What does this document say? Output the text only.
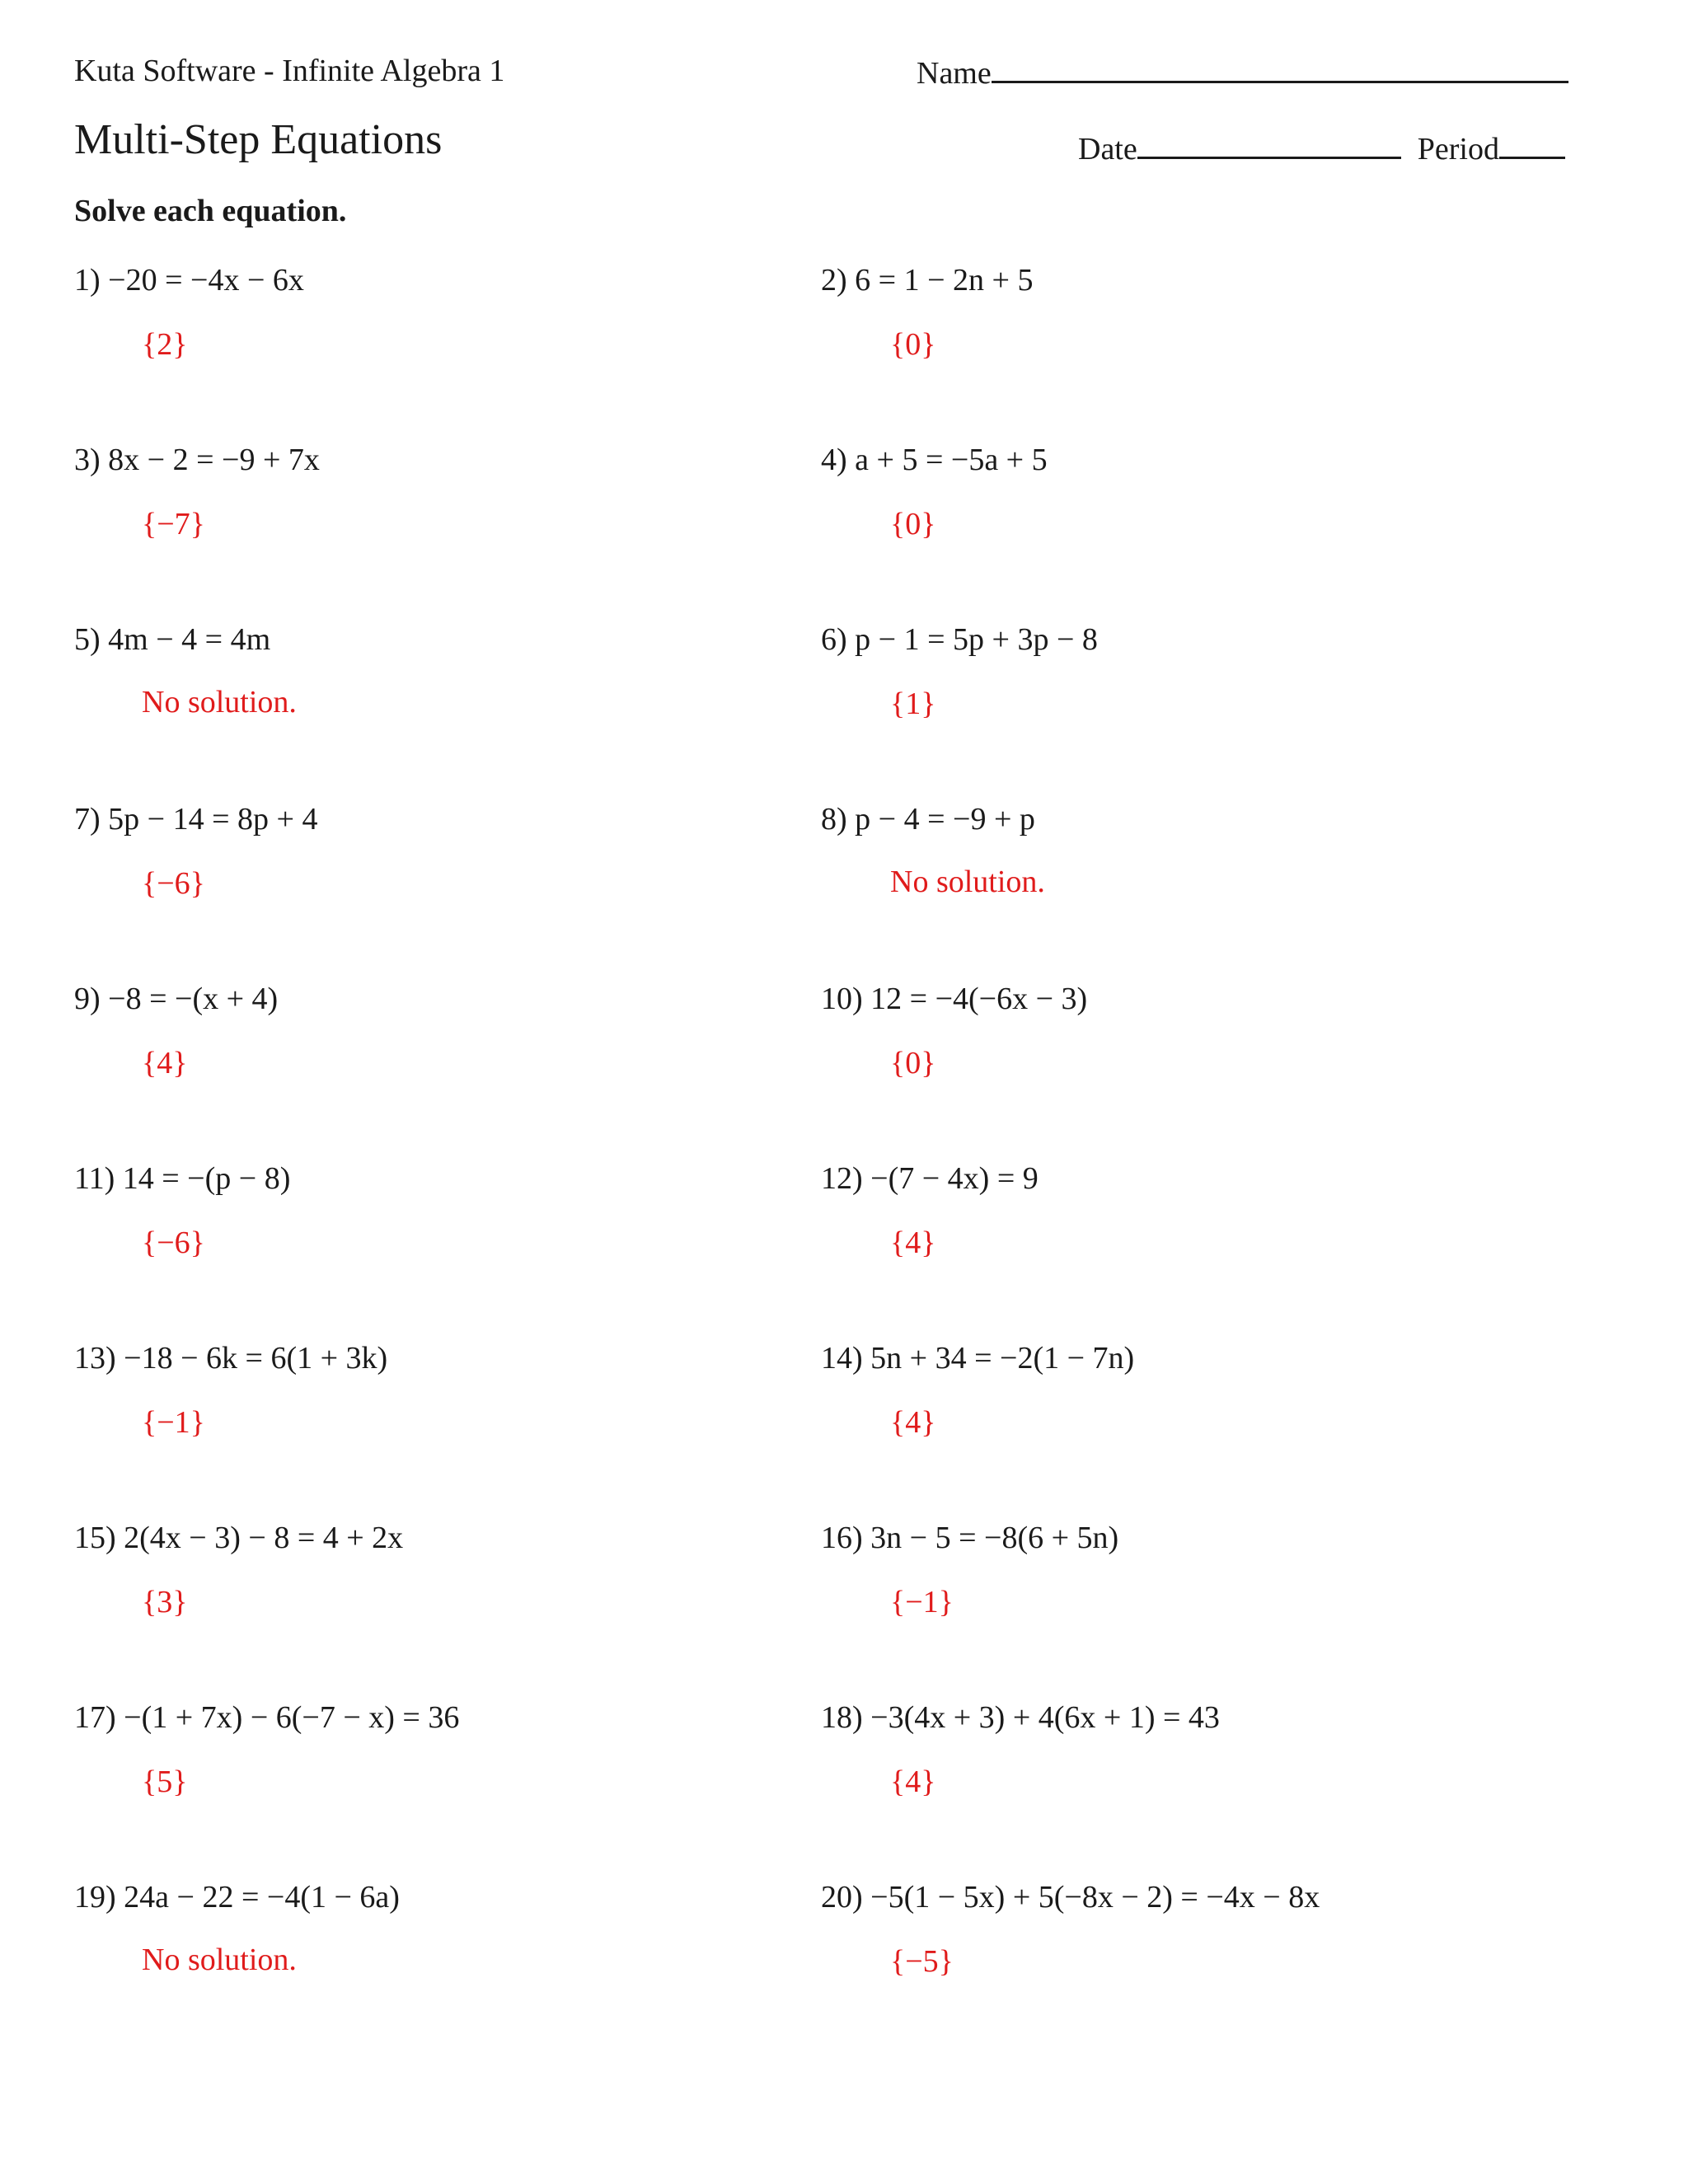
Kuta Software - Infinite Algebra 1	Name
Multi-Step Equations	Date	Period
Solve each equation.
1) −20 = −4x − 6x
{2}
3) 8x − 2 = −9 + 7x
{−7}
5) 4m − 4 = 4m
No solution.
7) 5p − 14 = 8p + 4
{−6}
9) −8 = −(x + 4)
{4}
11) 14 = −(p − 8)
{−6}
13) −18 − 6k = 6(1 + 3k)
{−1}
15) 2(4x − 3) − 8 = 4 + 2x
{3}
17) −(1 + 7x) − 6(−7 − x) = 36
{5}
19) 24a − 22 = −4(1 − 6a)
No solution.
2) 6 = 1 − 2n + 5
{0}
4) a + 5 = −5a + 5
{0}
6) p − 1 = 5p + 3p − 8
{1}
8) p − 4 = −9 + p
No solution.
10) 12 = −4(−6x − 3)
{0}
12) −(7 − 4x) = 9
{4}
14) 5n + 34 = −2(1 − 7n)
{4}
16) 3n − 5 = −8(6 + 5n)
{−1}
18) −3(4x + 3) + 4(6x + 1) = 43
{4}
20) −5(1 − 5x) + 5(−8x − 2) = −4x − 8x
{−5}
